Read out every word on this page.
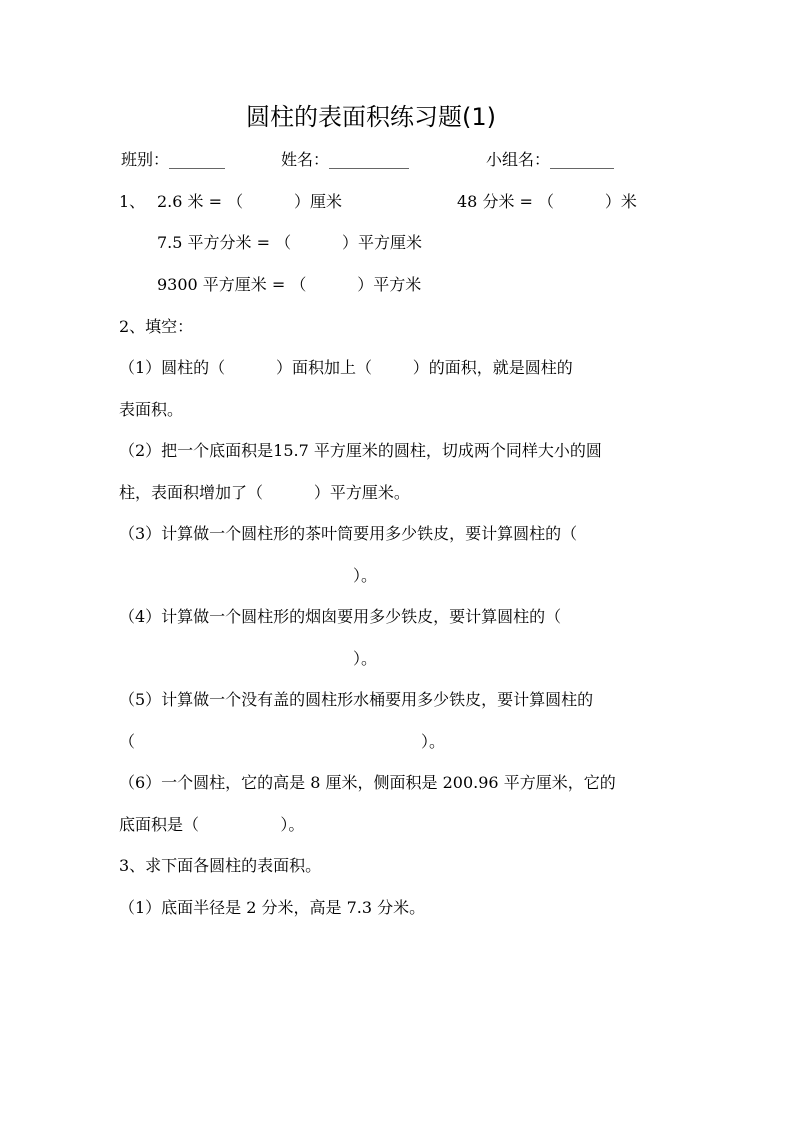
圆柱的表面积练习题(1)
班别：_______	姓名：__________	小组名：________
1、 2.6 米 = （          ）厘米	48 分米 = （          ）米
7.5 平方分米 = （          ）平方厘米
9300 平方厘米 = （          ）平方米
2、填空：
（1）圆柱的（          ）面积加上（        ）的面积，就是圆柱的
表面积。
（2）把一个底面积是15.7 平方厘米的圆柱，切成两个同样大小的圆
柱，表面积增加了（          ）平方厘米。
（3）计算做一个圆柱形的茶叶筒要用多少铁皮，要计算圆柱的（
）。
（4）计算做一个圆柱形的烟囱要用多少铁皮，要计算圆柱的（
）。
（5）计算做一个没有盖的圆柱形水桶要用多少铁皮，要计算圆柱的
（	）。
（6）一个圆柱，它的高是 8 厘米，侧面积是 200.96 平方厘米，它的
底面积是（                ）。
3、求下面各圆柱的表面积。
（1）底面半径是 2 分米，高是 7.3 分米。
